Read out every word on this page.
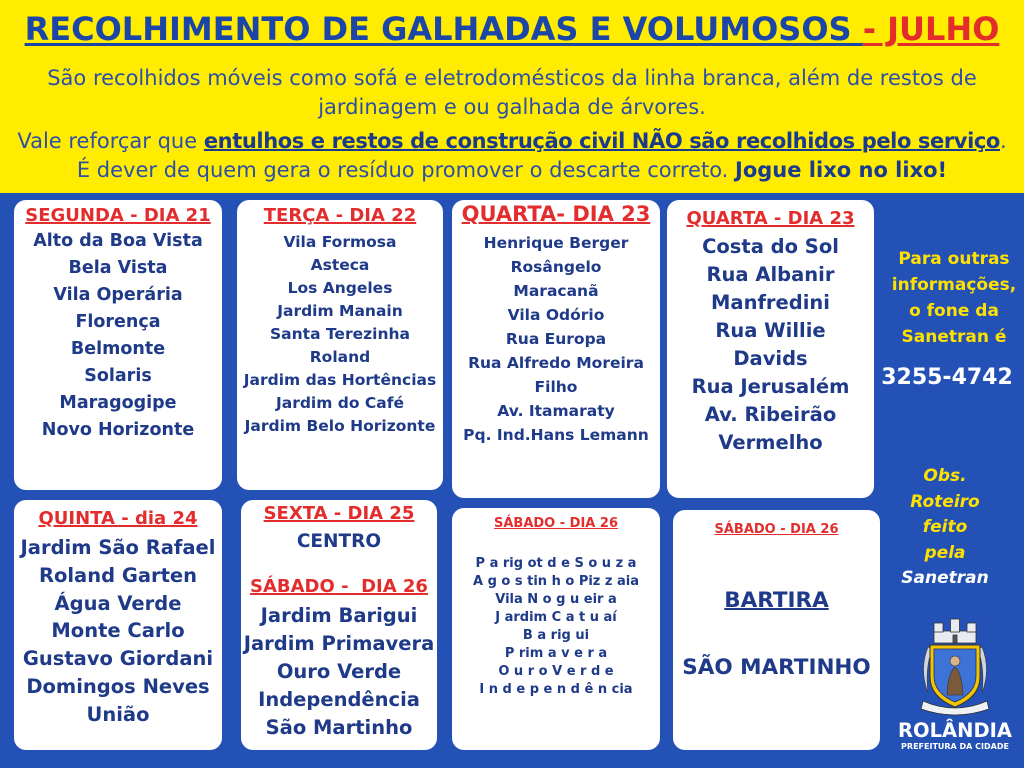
RECOLHIMENTO DE GALHADAS E VOLUMOSOS - JULHO
São recolhidos móveis como sofá e eletrodomésticos da linha branca, além de restos de
jardinagem e ou galhada de árvores.
Vale reforçar que entulhos e restos de construção civil NÃO são recolhidos pelo serviço.
É dever de quem gera o resíduo promover o descarte correto. Jogue lixo no lixo!
SEGUNDA - DIA 21
Alto da Boa Vista
Bela Vista
Vila Operária
Florença
Belmonte
Solaris
Maragogipe
Novo Horizonte
TERÇA - DIA 22
Vila Formosa
Asteca
Los Angeles
Jardim Manain
Santa Terezinha
Roland
Jardim das Hortências
Jardim do Café
Jardim Belo Horizonte
QUARTA- DIA 23
Henrique Berger
Rosângelo
Maracanã
Vila Odório
Rua Europa
Rua Alfredo Moreira
Filho
Av. Itamaraty
Pq. Ind.Hans Lemann
QUARTA - DIA 23
Costa do Sol
Rua Albanir
Manfredini
Rua Willie
Davids
Rua Jerusalém
Av. Ribeirão
Vermelho
QUINTA - dia 24
Jardim São Rafael
Roland Garten
Água Verde
Monte Carlo
Gustavo Giordani
Domingos Neves
União
SEXTA - DIA 25
CENTRO
SÁBADO -  DIA 26
Jardim Barigui
Jardim Primavera
Ouro Verde
Independência
São Martinho
SÁBADO - DIA 26
P a rig ot d e S o u z a
A g o s tin h o Piz z aia
Vila N o g u eir a
J ardim C a t u aí
B a rig ui
P rim a v e r a
O u r o V e r d e
I n d e p e n d ê n cia
SÁBADO - DIA 26
BARTIRA
SÃO MARTINHO
Para outras
informações,
o fone da
Sanetran é
3255-4742
Obs.
Roteiro
feito
pela
Sanetran
ROLÂNDIA
PREFEITURA DA CIDADE
